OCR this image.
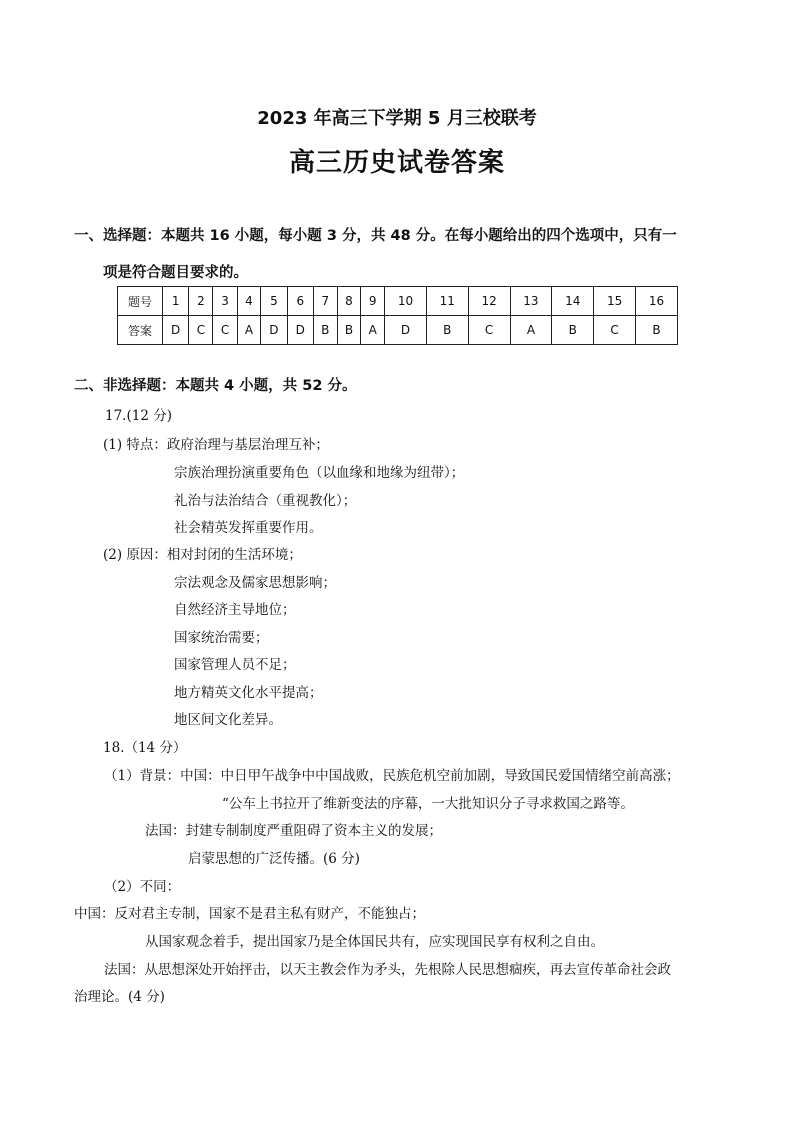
2023 年高三下学期 5 月三校联考
高三历史试卷答案
一、选择题：本题共 16 小题，每小题 3 分，共 48 分。在每小题给出的四个选项中，只有一
项是符合题目要求的。
题号	1	2	3	4	5	6	7	8	9	10	11	12	13	14	15	16
答案	D	C	C	A	D	D	B	B	A	D	B	C	A	B	C	B
二、非选择题：本题共 4 小题，共 52 分。
17.(12 分)
(1) 特点：政府治理与基层治理互补；
宗族治理扮演重要角色（以血缘和地缘为纽带）；
礼治与法治结合（重视教化）；
社会精英发挥重要作用。
(2) 原因：相对封闭的生活环境；
宗法观念及儒家思想影响；
自然经济主导地位；
国家统治需要；
国家管理人员不足；
地方精英文化水平提高；
地区间文化差异。
18.（14 分）
（1）背景：中国：中日甲午战争中中国战败，民族危机空前加剧，导致国民爱国情绪空前高涨；
“公车上书拉开了维新变法的序幕，一大批知识分子寻求救国之路等。
法国：封建专制制度严重阻碍了资本主义的发展；
启蒙思想的广泛传播。(6 分)
（2）不同：
中国：反对君主专制，国家不是君主私有财产，不能独占；
从国家观念着手，提出国家乃是全体国民共有，应实现国民享有权利之自由。
法国：从思想深处开始抨击，以天主教会作为矛头，先根除人民思想痼疾，再去宣传革命社会政
治理论。(4 分)
